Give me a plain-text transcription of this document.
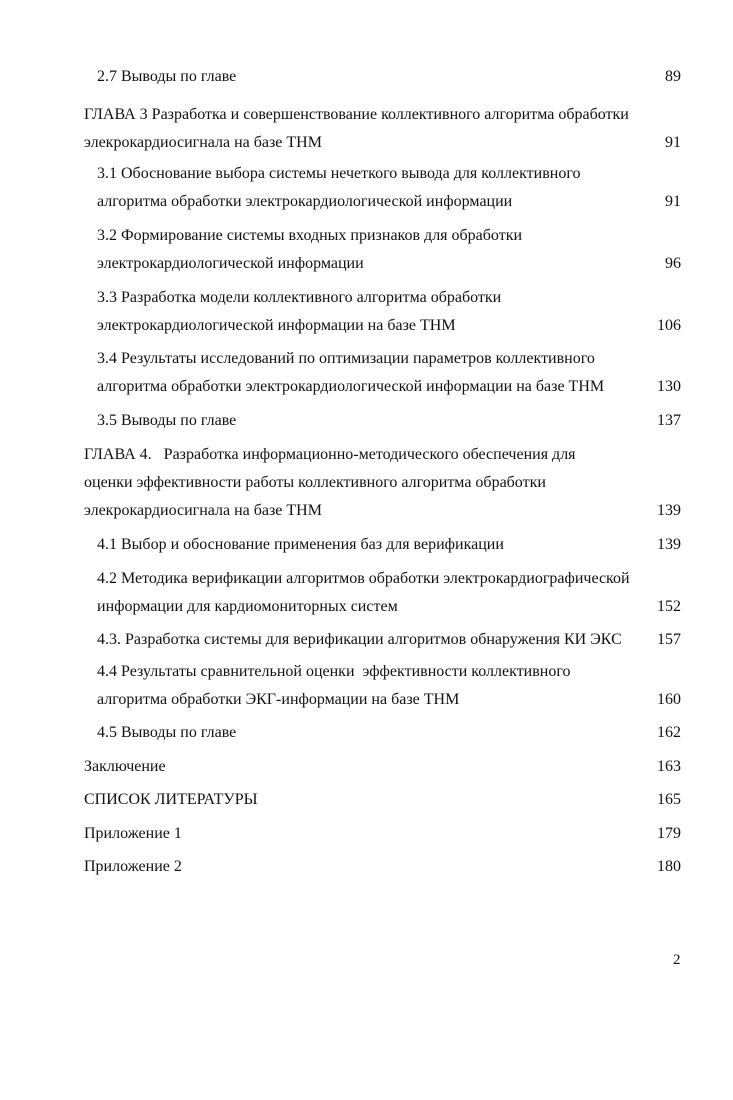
2.7 Выводы по главе	89
ГЛАВА 3 Разработка и совершенствование коллективного алгоритма обработки
элекрокардиосигнала на базе ТНМ	91
3.1 Обоснование выбора системы нечеткого вывода для коллективного
алгоритма обработки электрокардиологической информации	91
3.2 Формирование системы входных признаков для обработки
электрокардиологической информации	96
3.3 Разработка модели коллективного алгоритма обработки
электрокардиологической информации на базе ТНМ	106
3.4 Результаты исследований по оптимизации параметров коллективного
алгоритма обработки электрокардиологической информации на базе ТНМ	130
3.5 Выводы по главе	137
ГЛАВА 4.   Разработка информационно-методического обеспечения для
оценки эффективности работы коллективного алгоритма обработки
элекрокардиосигнала на базе ТНМ	139
4.1 Выбор и обоснование применения баз для верификации	139
4.2 Методика верификации алгоритмов обработки электрокардиографической
информации для кардиомониторных систем	152
4.3. Разработка системы для верификации алгоритмов обнаружения КИ ЭКС 157
4.4 Результаты сравнительной оценки  эффективности коллективного
алгоритма обработки ЭКГ-информации на базе ТНМ	160
4.5 Выводы по главе	162
Заключение	163
СПИСОК ЛИТЕРАТУРЫ	165
Приложение 1	179
Приложение 2	180
2
